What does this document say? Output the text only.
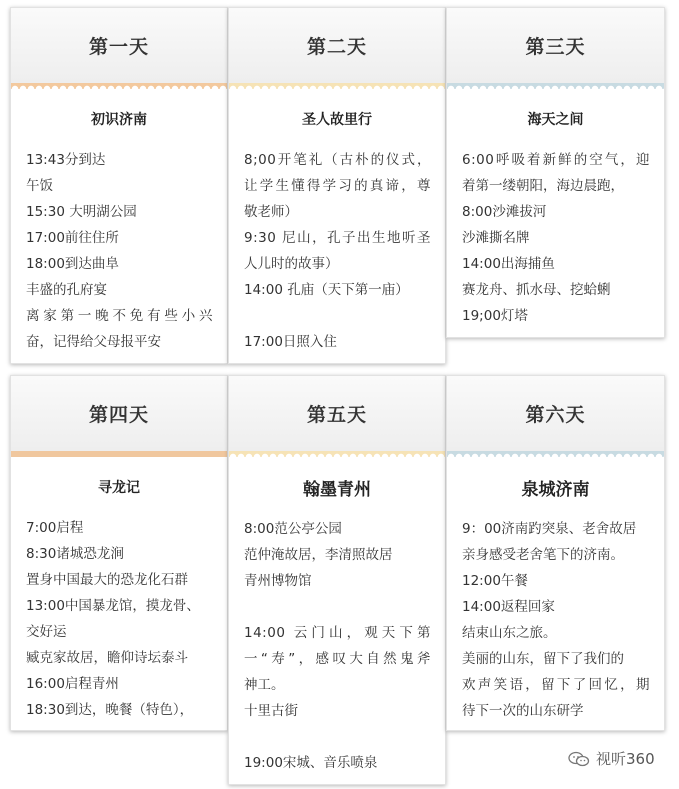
第一天
初识济南
13:43分到达
午饭
15:30 大明湖公园
17:00前往住所
18:00到达曲阜
丰盛的孔府宴
离家第一晚不免有些小兴
奋，记得给父母报平安
第二天
圣人故里行
8;00开笔礼（古朴的仪式，
让学生懂得学习的真谛，尊
敬老师）
9:30 尼山，孔子出生地听圣
人儿时的故事）
14:00 孔庙（天下第一庙）
17:00日照入住
第三天
海天之间
6:00呼吸着新鲜的空气，迎
着第一缕朝阳，海边晨跑，
8:00沙滩拔河
沙滩撕名牌
14:00出海捕鱼
赛龙舟、抓水母、挖蛤蜊
19;00灯塔
第四天
寻龙记
7:00启程
8:30诸城恐龙涧
置身中国最大的恐龙化石群
13:00中国暴龙馆，摸龙骨、
交好运
臧克家故居，瞻仰诗坛泰斗
16:00启程青州
18:30到达，晚餐（特色），
第五天
翰墨青州
8:00范公亭公园
范仲淹故居，李清照故居
青州博物馆
14:00 云门山，观天下第
一“寿”，感叹大自然鬼斧
神工。
十里古街
19:00宋城、音乐喷泉
第六天
泉城济南
9：00济南趵突泉、老舍故居
亲身感受老舍笔下的济南。
12:00午餐
14:00返程回家
结束山东之旅。
美丽的山东，留下了我们的
欢声笑语，留下了回忆，期
待下一次的山东研学
视听360
